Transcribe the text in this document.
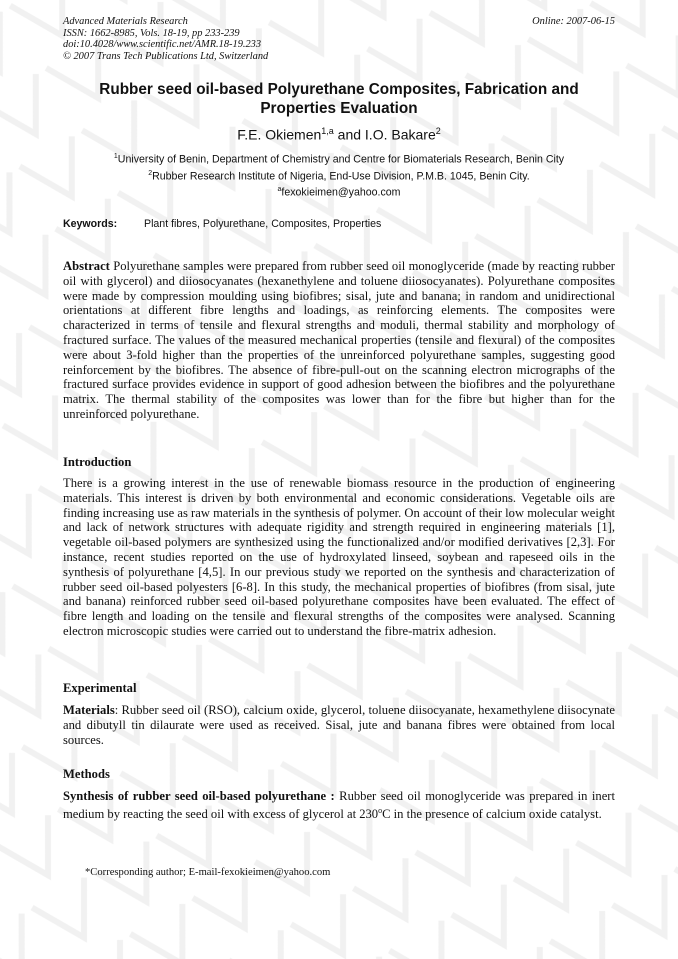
Advanced Materials Research
ISSN: 1662-8985, Vols. 18-19, pp 233-239
doi:10.4028/www.scientific.net/AMR.18-19.233
© 2007 Trans Tech Publications Ltd, Switzerland
Online: 2007-06-15
Rubber seed oil-based Polyurethane Composites, Fabrication and Properties Evaluation
F.E. Okiemen$^{1,a}$ and I.O. Bakare$^2$
$^1$University of Benin, Department of Chemistry and Centre for Biomaterials Research, Benin City
$^2$Rubber Research Institute of Nigeria, End-Use Division, P.M.B. 1045, Benin City.
$^a$fexokieimen@yahoo.com
Keywords:	Plant fibres, Polyurethane, Composites, Properties
Abstract Polyurethane samples were prepared from rubber seed oil monoglyceride (made by reacting rubber oil with glycerol) and diiosocyanates (hexanethylene and toluene diiosocyanates). Polyurethane composites were made by compression moulding using biofibres; sisal, jute and banana; in random and unidirectional orientations at different fibre lengths and loadings, as reinforcing elements. The composites were characterized in terms of tensile and flexural strengths and moduli, thermal stability and morphology of fractured surface. The values of the measured mechanical properties (tensile and flexural) of the composites were about 3-fold higher than the properties of the unreinforced polyurethane samples, suggesting good reinforcement by the biofibres. The absence of fibre-pull-out on the scanning electron micrographs of the fractured surface provides evidence in support of good adhesion between the biofibres and the polyurethane matrix. The thermal stability of the composites was lower than for the fibre but higher than for the unreinforced polyurethane.
Introduction
There is a growing interest in the use of renewable biomass resource in the production of engineering materials. This interest is driven by both environmental and economic considerations. Vegetable oils are finding increasing use as raw materials in the synthesis of polymer. On account of their low molecular weight and lack of network structures with adequate rigidity and strength required in engineering materials [1], vegetable oil-based polymers are synthesized using the functionalized and/or modified derivatives [2,3]. For instance, recent studies reported on the use of hydroxylated linseed, soybean and rapeseed oils in the synthesis of polyurethane [4,5]. In our previous study we reported on the synthesis and characterization of rubber seed oil-based polyesters [6-8]. In this study, the mechanical properties of biofibres (from sisal, jute and banana) reinforced rubber seed oil-based polyurethane composites have been evaluated. The effect of fibre length and loading on the tensile and flexural strengths of the composites were analysed. Scanning electron microscopic studies were carried out to understand the fibre-matrix adhesion.
Experimental
Materials: Rubber seed oil (RSO), calcium oxide, glycerol, toluene diisocyanate, hexamethylene diisocynate and dibutyll tin dilaurate were used as received. Sisal, jute and banana fibres were obtained from local sources.
Methods
Synthesis of rubber seed oil-based polyurethane : Rubber seed oil monoglyceride was prepared in inert medium by reacting the seed oil with excess of glycerol at 230$^o$C in the presence of calcium oxide catalyst.
*Corresponding author; E-mail-fexokieimen@yahoo.com
